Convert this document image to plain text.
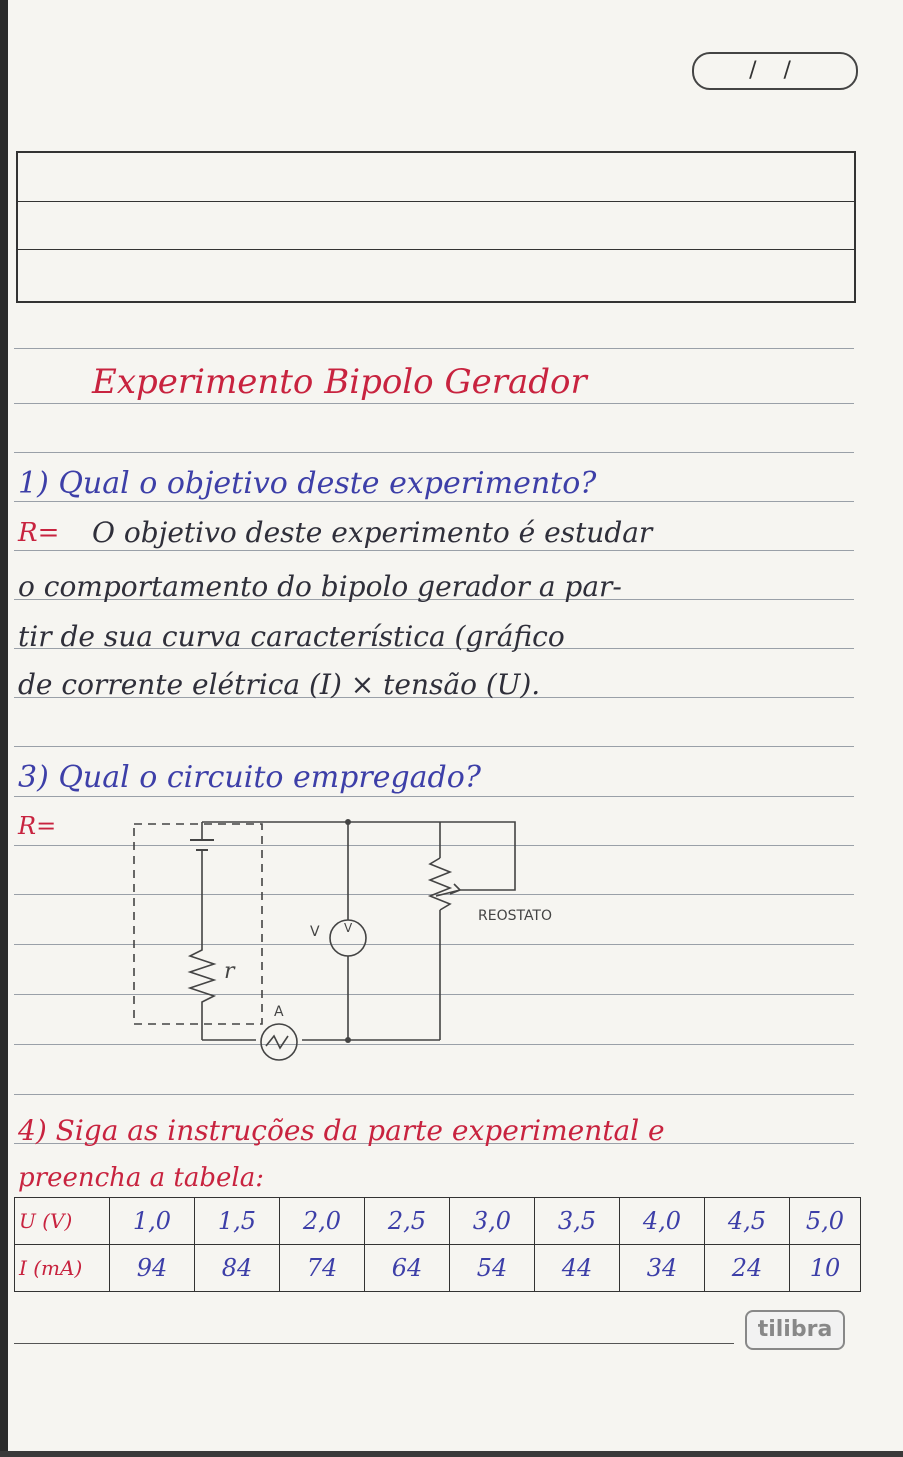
/ /
Experimento Bipolo Gerador
1) Qual o objetivo deste experimento?
R= O objetivo deste experimento é estudar
o comportamento do bipolo gerador a par-
tir de sua curva característica (gráfico
de corrente elétrica (I) × tensão (U).
3) Qual o circuito empregado?
R=
V
V
A
r
REOSTATO
4) Siga as instruções da parte experimental e
preencha a tabela:
U (V)	1,0	1,5	2,0	2,5	3,0	3,5	4,0	4,5	5,0
I (mA)	94	84	74	64	54	44	34	24	10
tilibra
